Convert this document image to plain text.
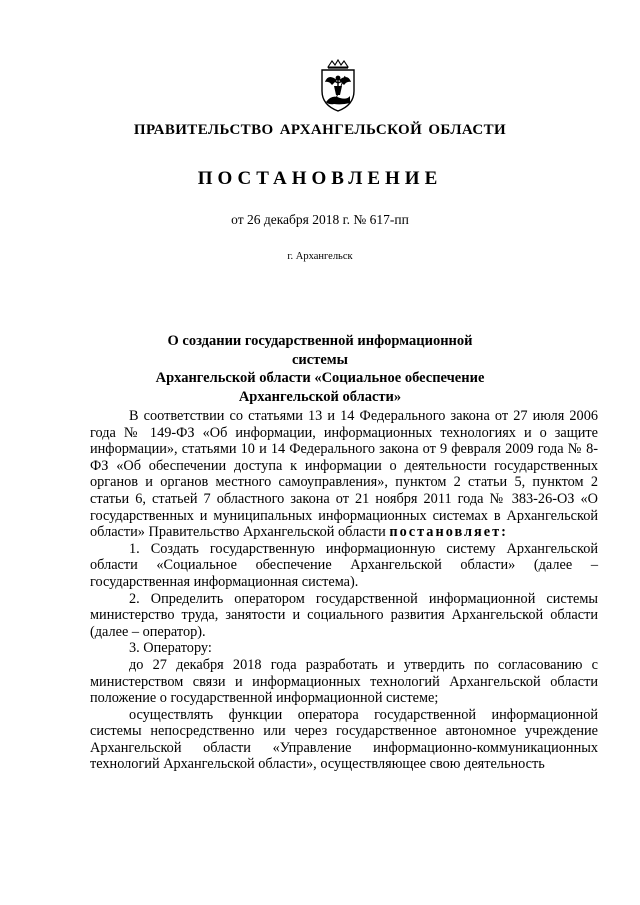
ПРАВИТЕЛЬСТВО АРХАНГЕЛЬСКОЙ ОБЛАСТИ
ПОСТАНОВЛЕНИЕ
от 26 декабря 2018 г. № 617-пп
г. Архангельск
О создании государственной информационной системы
Архангельской области «Социальное обеспечение
Архангельской области»

В соответствии со статьями 13 и 14 Федерального закона от 27 июля 2006 года № 149-ФЗ «Об информации, информационных технологиях и о защите информации», статьями 10 и 14 Федерального закона от 9 февраля 2009 года № 8-ФЗ «Об обеспечении доступа к информации о деятельности государственных органов и органов местного самоуправления», пунктом 2 статьи 5, пунктом 2 статьи 6, статьей 7 областного закона от 21 ноября 2011 года № 383-26-ОЗ «О государственных и муниципальных информационных системах в Архангельской области» Правительство Архангельской области постановляет:

1. Создать государственную информационную систему Архангельской области «Социальное обеспечение Архангельской области» (далее – государственная информационная система).

2. Определить оператором государственной информационной системы министерство труда, занятости и социального развития Архангельской области (далее – оператор).

3. Оператору:

до 27 декабря 2018 года разработать и утвердить по согласованию с министерством связи и информационных технологий Архангельской области положение о государственной информационной системе;

осуществлять функции оператора государственной информационной системы непосредственно или через государственное автономное учреждение Архангельской области «Управление информационно-коммуникационных технологий Архангельской области», осуществляющее свою деятельность
